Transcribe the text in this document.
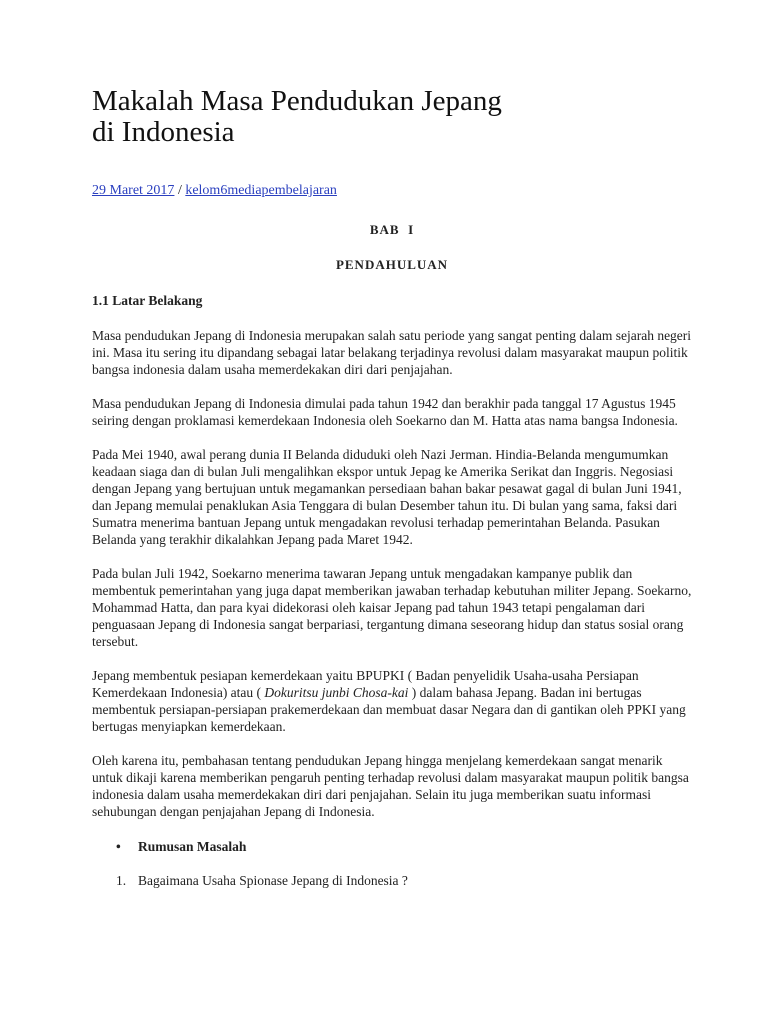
Makalah Masa Pendudukan Jepang
di Indonesia
29 Maret 2017 / kelom6mediapembelajaran

BAB  I

PENDAHULUAN

1.1 Latar Belakang

Masa pendudukan Jepang di Indonesia merupakan salah satu periode yang sangat penting dalam sejarah negeri ini. Masa itu sering itu dipandang sebagai latar belakang terjadinya revolusi dalam masyarakat maupun politik bangsa indonesia dalam usaha memerdekakan diri dari penjajahan.

Masa pendudukan Jepang di Indonesia dimulai pada tahun 1942 dan berakhir pada tanggal 17 Agustus 1945 seiring dengan proklamasi kemerdekaan Indonesia oleh Soekarno dan M. Hatta atas nama bangsa Indonesia.

Pada Mei 1940, awal perang dunia II Belanda diduduki oleh Nazi Jerman. Hindia-Belanda mengumumkan keadaan siaga dan di bulan Juli mengalihkan ekspor untuk Jepag ke Amerika Serikat dan Inggris. Negosiasi dengan Jepang yang bertujuan untuk megamankan persediaan bahan bakar pesawat gagal di bulan Juni 1941, dan Jepang memulai penaklukan Asia Tenggara di bulan Desember tahun itu. Di bulan yang sama, faksi dari Sumatra menerima bantuan Jepang untuk mengadakan revolusi terhadap pemerintahan Belanda. Pasukan Belanda yang terakhir dikalahkan Jepang pada Maret 1942.

Pada bulan Juli 1942, Soekarno menerima tawaran Jepang untuk mengadakan kampanye publik dan membentuk pemerintahan yang juga dapat memberikan jawaban terhadap kebutuhan militer Jepang. Soekarno, Mohammad Hatta, dan para kyai didekorasi oleh kaisar Jepang pad tahun 1943 tetapi pengalaman dari penguasaan Jepang di Indonesia sangat berpariasi, tergantung dimana seseorang hidup dan status sosial orang tersebut.

Jepang membentuk pesiapan kemerdekaan yaitu BPUPKI ( Badan penyelidik Usaha-usaha Persiapan Kemerdekaan Indonesia) atau ( Dokuritsu junbi Chosa-kai ) dalam bahasa Jepang. Badan ini bertugas membentuk persiapan-persiapan prakemerdekaan dan membuat dasar Negara dan di gantikan oleh PPKI yang bertugas menyiapkan kemerdekaan.

Oleh karena itu, pembahasan tentang pendudukan Jepang hingga menjelang kemerdekaan sangat menarik untuk dikaji karena memberikan pengaruh penting terhadap revolusi dalam masyarakat maupun politik bangsa indonesia dalam usaha memerdekakan diri dari penjajahan. Selain itu juga memberikan suatu informasi sehubungan dengan penjajahan Jepang di Indonesia.

• Rumusan Masalah
1. Bagaimana Usaha Spionase Jepang di Indonesia ?
